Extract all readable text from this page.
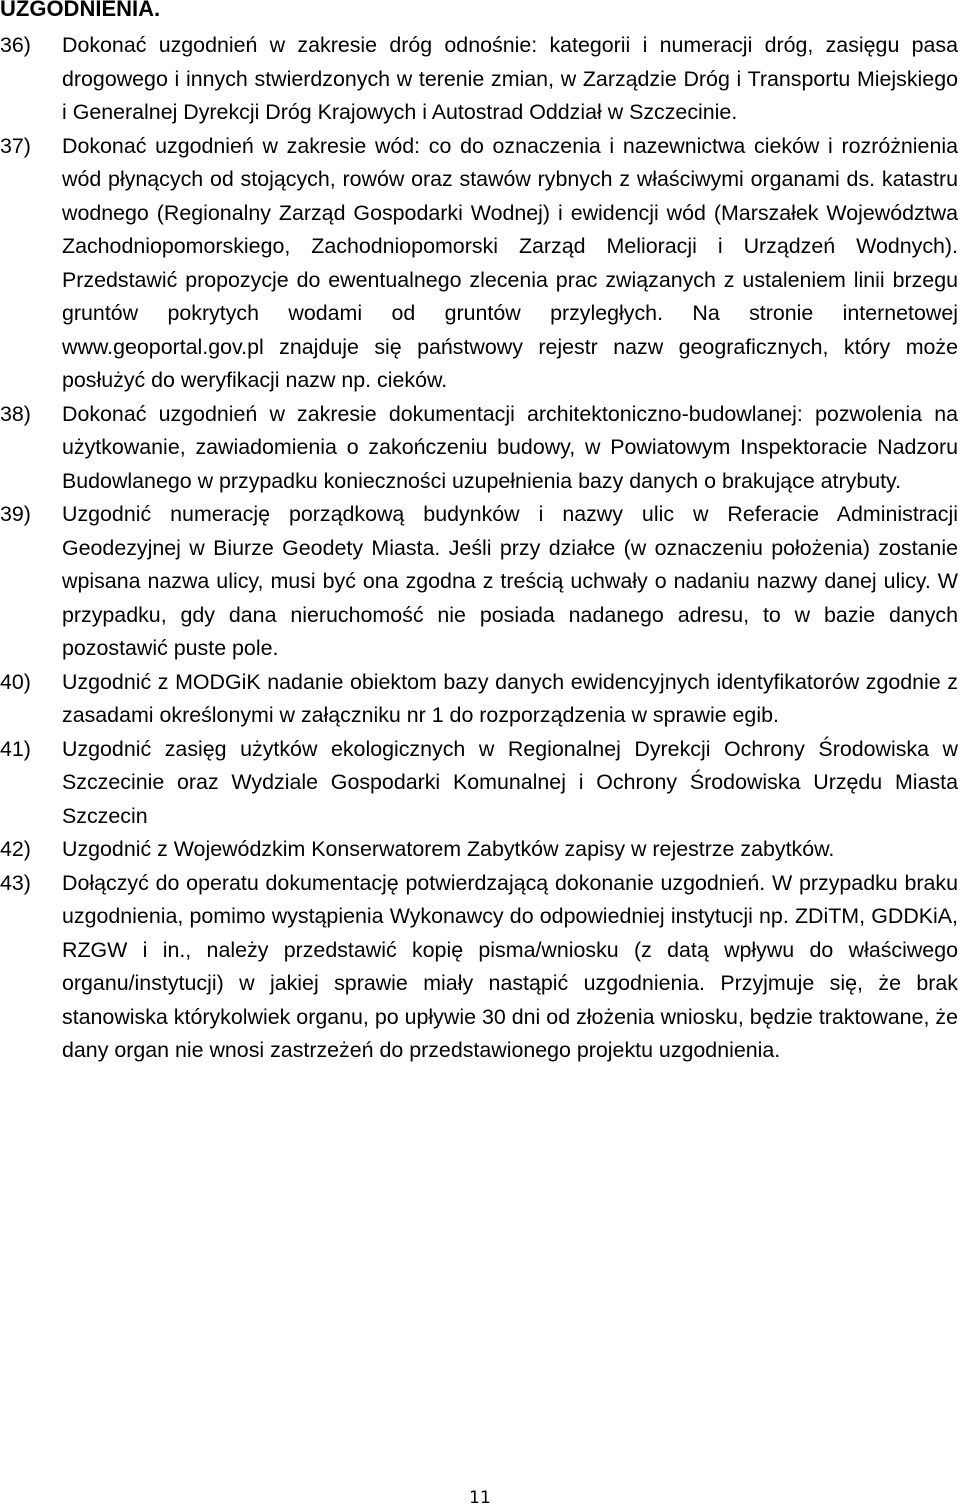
UZGODNIENIA.
36) Dokonać uzgodnień w zakresie dróg odnośnie: kategorii i numeracji dróg, zasięgu pasa drogowego i innych stwierdzonych w terenie zmian, w Zarządzie Dróg i Transportu Miejskiego i Generalnej Dyrekcji Dróg Krajowych i Autostrad Oddział w Szczecinie.
37) Dokonać uzgodnień w zakresie wód: co do oznaczenia i nazewnictwa cieków i rozróżnienia wód płynących od stojących, rowów oraz stawów rybnych z właściwymi organami ds. katastru wodnego (Regionalny Zarząd Gospodarki Wodnej) i ewidencji wód (Marszałek Województwa Zachodniopomorskiego, Zachodniopomorski Zarząd Melioracji i Urządzeń Wodnych). Przedstawić propozycje do ewentualnego zlecenia prac związanych z ustaleniem linii brzegu gruntów pokrytych wodami od gruntów przyległych. Na stronie internetowej www.geoportal.gov.pl znajduje się państwowy rejestr nazw geograficznych, który może posłużyć do weryfikacji nazw np. cieków.
38) Dokonać uzgodnień w zakresie dokumentacji architektoniczno-budowlanej: pozwolenia na użytkowanie, zawiadomienia o zakończeniu budowy, w Powiatowym Inspektoracie Nadzoru Budowlanego w przypadku konieczności uzupełnienia bazy danych o brakujące atrybuty.
39) Uzgodnić numerację porządkową budynków i nazwy ulic w Referacie Administracji Geodezyjnej w Biurze Geodety Miasta. Jeśli przy działce (w oznaczeniu położenia) zostanie wpisana nazwa ulicy, musi być ona zgodna z treścią uchwały o nadaniu nazwy danej ulicy. W przypadku, gdy dana nieruchomość nie posiada nadanego adresu, to w bazie danych pozostawić puste pole.
40) Uzgodnić z MODGiK nadanie obiektom bazy danych ewidencyjnych identyfikatorów zgodnie z zasadami określonymi w załączniku nr 1 do rozporządzenia w sprawie egib.
41) Uzgodnić zasięg użytków ekologicznych w Regionalnej Dyrekcji Ochrony Środowiska w Szczecinie oraz Wydziale Gospodarki Komunalnej i Ochrony Środowiska Urzędu Miasta Szczecin
42) Uzgodnić z Wojewódzkim Konserwatorem Zabytków zapisy w rejestrze zabytków.
43) Dołączyć do operatu dokumentację potwierdzającą dokonanie uzgodnień. W przypadku braku uzgodnienia, pomimo wystąpienia Wykonawcy do odpowiedniej instytucji np. ZDiTM, GDDKiA, RZGW i in., należy przedstawić kopię pisma/wniosku (z datą wpływu do właściwego organu/instytucji) w jakiej sprawie miały nastąpić uzgodnienia. Przyjmuje się, że brak stanowiska którykolwiek organu, po upływie 30 dni od złożenia wniosku, będzie traktowane, że dany organ nie wnosi zastrzeżeń do przedstawionego projektu uzgodnienia.
11
